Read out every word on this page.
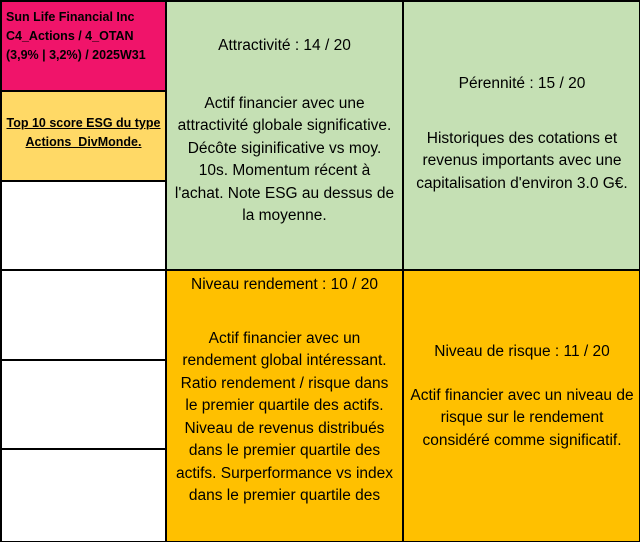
Sun Life Financial Inc
C4_Actions / 4_OTAN
(3,9% | 3,2%) / 2025W31
Top 10 score ESG du type Actions_DivMonde.
Attractivité : 14 / 20
Actif financier avec une attractivité globale significative. Décôte siginificative vs moy. 10s. Momentum récent à l'achat. Note ESG au dessus de la moyenne.
Pérennité : 15 / 20
Historiques des cotations et revenus importants avec une capitalisation d'environ 3.0 G€.
Niveau rendement : 10 / 20
Actif financier avec un rendement global intéressant. Ratio rendement / risque dans le premier quartile des actifs. Niveau de revenus distribués dans le premier quartile des actifs. Surperformance vs index dans le premier quartile des
Niveau de risque : 11 / 20
Actif financier avec un niveau de risque sur le rendement considéré comme significatif.
